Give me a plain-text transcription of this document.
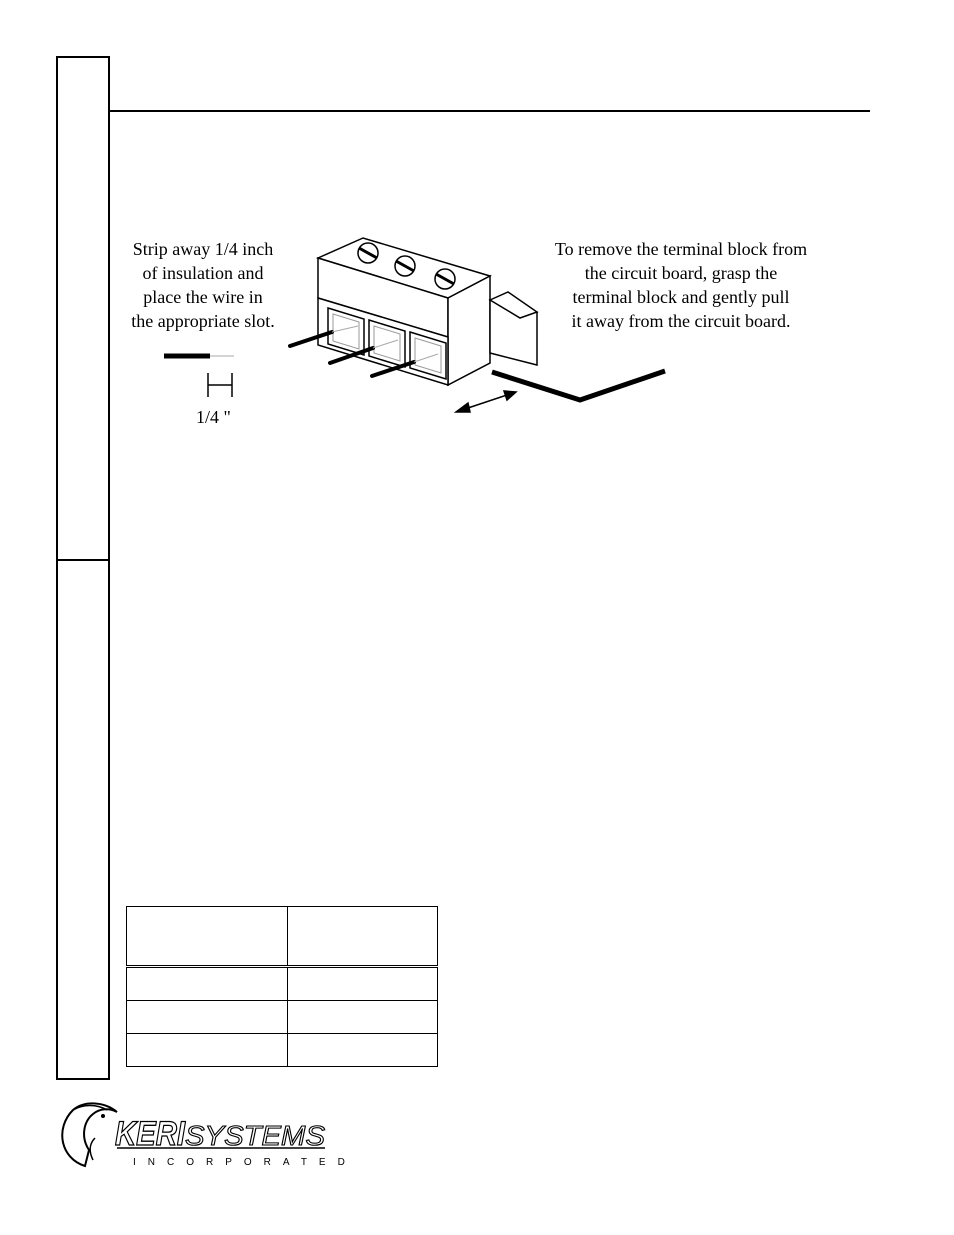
Strip away 1/4 inch
of insulation and
place the wire in
the appropriate slot.
To remove the terminal block from
the circuit board, grasp the
terminal block and gently pull
it away from the circuit board.
1/4 "

KERI
SYSTEMS
INCORPORATED
